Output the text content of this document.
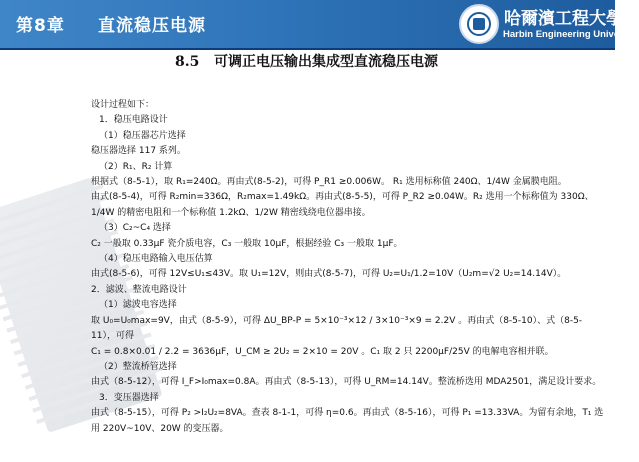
第8章 直流稳压电源	哈爾濱工程大學
Harbin Engineering University
8.5 可调正电压输出集成型直流稳压电源

设计过程如下：

1．稳压电路设计

（1）稳压器芯片选择

稳压器选择 117 系列。

（2）R₁、R₂ 计算

根据式（8-5-1），取 R₁=240Ω。再由式(8-5-2)，可得 P_R1 ≥0.006W。 R₁ 选用标称值 240Ω、1/4W 金属膜电阻。

由式(8-5-4)，可得 R₂min=336Ω，R₂max=1.49kΩ。再由式(8-5-5)，可得 P_R2 ≥0.04W。R₂ 选用一个标称值为 330Ω、1/4W 的精密电阻和一个标称值 1.2kΩ、1/2W 精密线绕电位器串接。

（3）C₂~C₄ 选择

C₂ 一般取 0.33μF 瓷介质电容，C₃ 一般取 10μF，根据经验 C₃ 一般取 1μF。

（4）稳压电路输入电压估算

由式(8-5-6)，可得 12V≤U₁≤43V。取 U₁=12V，则由式(8-5-7)，可得 U₂=U₁/1.2=10V（U₂m=√2 U₂=14.14V）。

2．滤波、整流电路设计

（1）滤波电容选择

取 U₀=U₀max=9V，由式（8-5-9），可得 ΔU_BP-P = 5×10⁻³×12 / 3×10⁻³×9 = 2.2V 。再由式（8-5-10）、式（8-5-11），可得

C₁ = 0.8×0.01 / 2.2 = 3636μF，U_CM ≥ 2U₂ = 2×10 = 20V 。C₁ 取 2 只 2200μF/25V 的电解电容相并联。

（2）整流桥管选择

由式（8-5-12），可得 I_F>I₀max=0.8A。再由式（8-5-13），可得 U_RM=14.14V。整流桥选用 MDA2501，满足设计要求。

3．变压器选择

由式（8-5-15），可得 P₂ >I₂U₂=8VA。查表 8-1-1，可得 η=0.6。再由式（8-5-16），可得 P₁ =13.33VA。为留有余地，T₁ 选用 220V~10V、20W 的变压器。
